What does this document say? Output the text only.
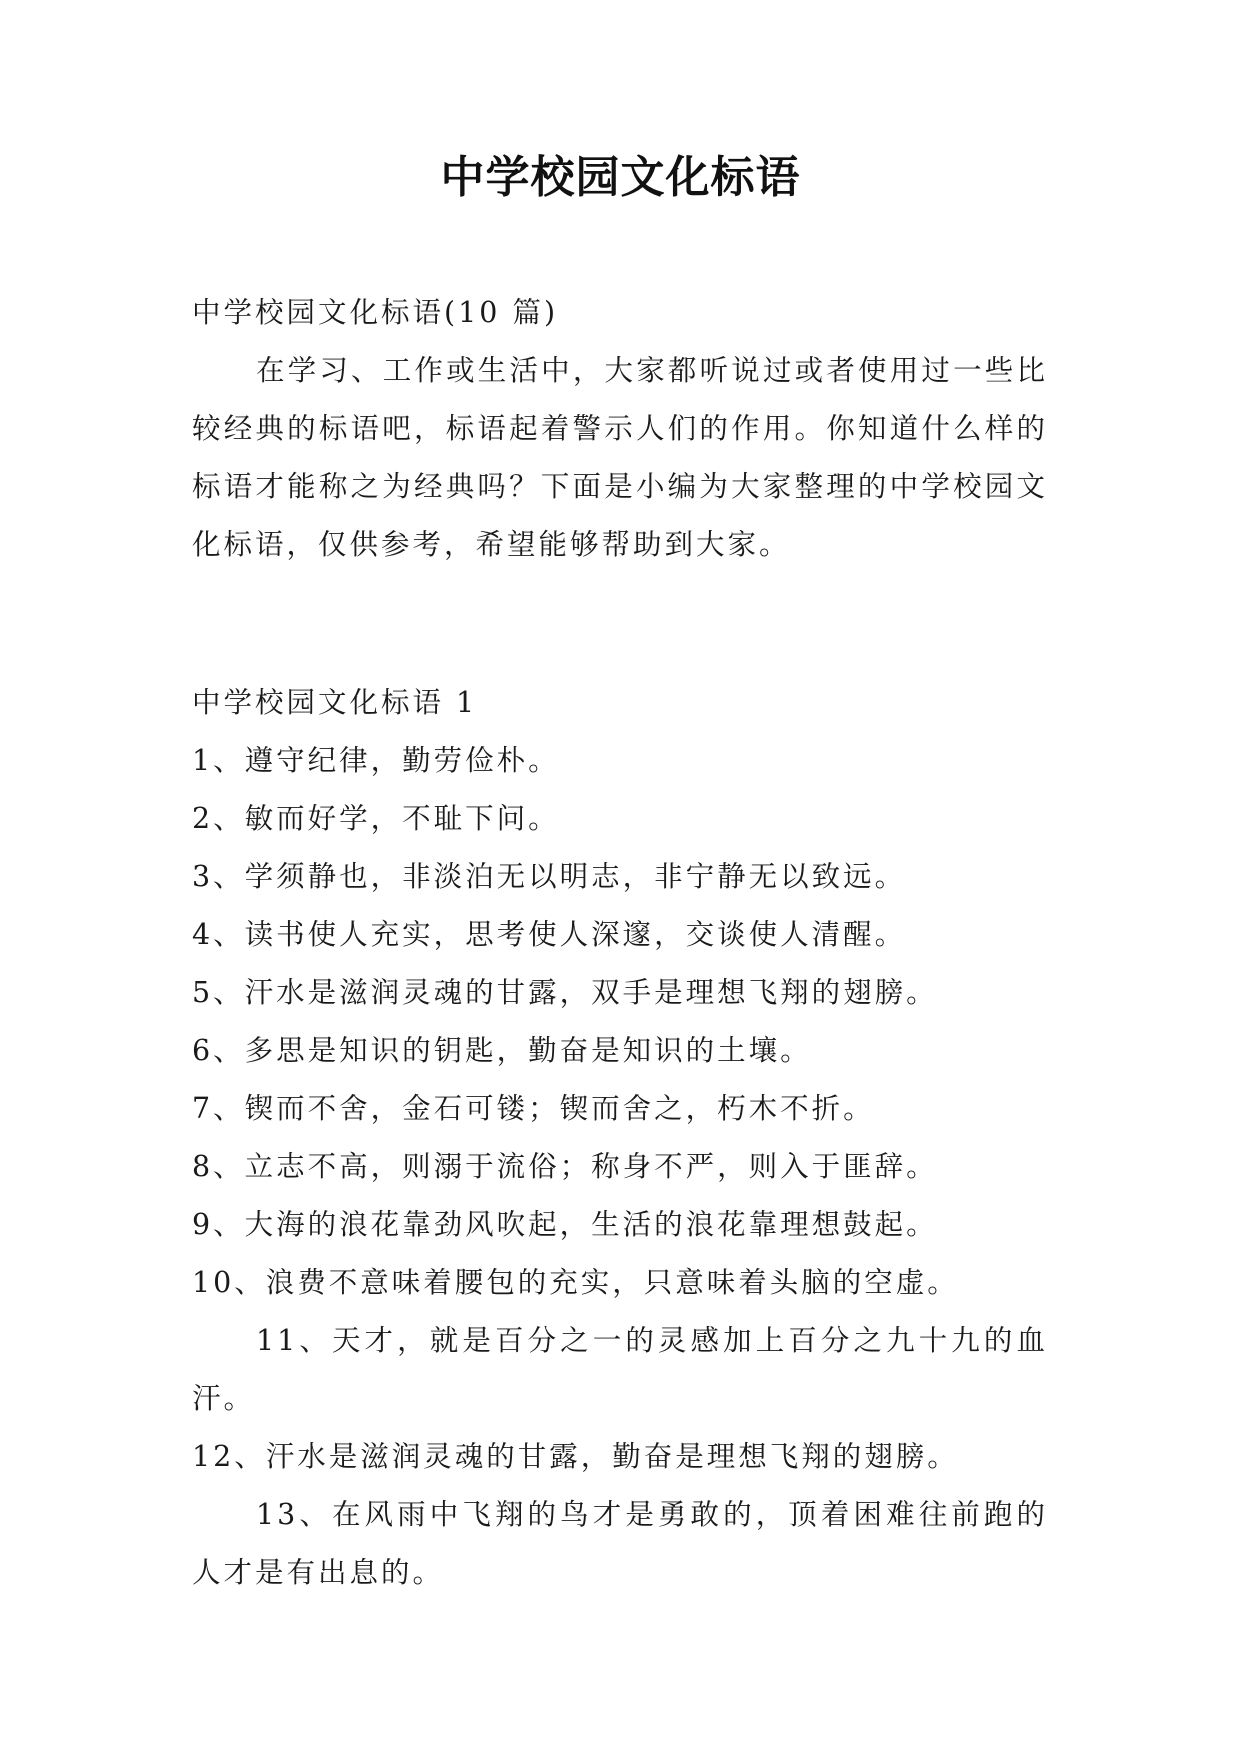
中学校园文化标语

中学校园文化标语(10 篇)

在学习、工作或生活中，大家都听说过或者使用过一些比较经典的标语吧，标语起着警示人们的作用。你知道什么样的标语才能称之为经典吗？下面是小编为大家整理的中学校园文化标语，仅供参考，希望能够帮助到大家。

中学校园文化标语 1

1、遵守纪律，勤劳俭朴。

2、敏而好学，不耻下问。

3、学须静也，非淡泊无以明志，非宁静无以致远。

4、读书使人充实，思考使人深邃，交谈使人清醒。

5、汗水是滋润灵魂的甘露，双手是理想飞翔的翅膀。

6、多思是知识的钥匙，勤奋是知识的土壤。

7、锲而不舍，金石可镂；锲而舍之，朽木不折。

8、立志不高，则溺于流俗；称身不严，则入于匪辞。

9、大海的浪花靠劲风吹起，生活的浪花靠理想鼓起。

10、浪费不意味着腰包的充实，只意味着头脑的空虚。

11、天才，就是百分之一的灵感加上百分之九十九的血汗。

12、汗水是滋润灵魂的甘露，勤奋是理想飞翔的翅膀。

13、在风雨中飞翔的鸟才是勇敢的，顶着困难往前跑的人才是有出息的。
